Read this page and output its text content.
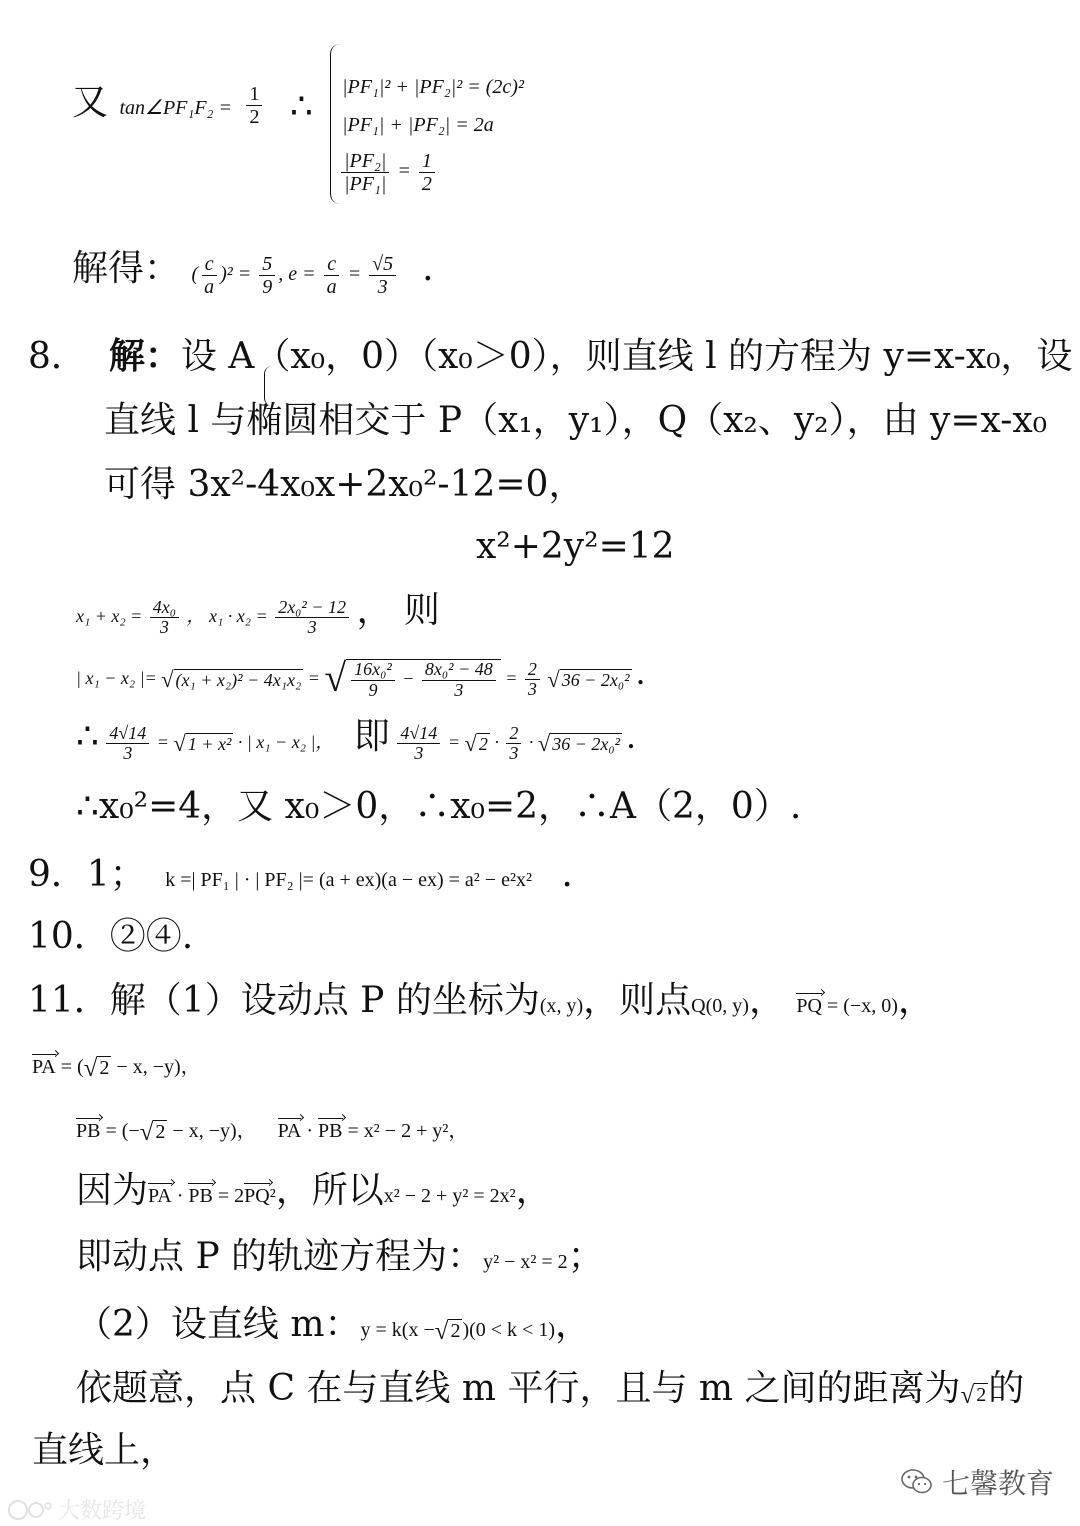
又 tan∠PF₁F₂ = $\frac{1}{2}$ ∴ |PF₁|² + |PF₂|² = (2c)²
|PF₁| + |PF₂| = 2a
$\frac{\text{|PF₂|}}{\text{|PF₁|}} = \frac{1}{2}$
解得： ( $\frac{c}{a} )^2 = \frac{5}{9}$ , $e = \frac{c}{a} = \frac{√5}{3}$ .
8． 解：设 A（x₀，0）（x₀＞0），则直线 l 的方程为 y=x-x₀，设
直线 l 与椭圆相交于 P（x₁，y₁），Q（x₂、y₂），由 y=x-x₀
可得 3x²-4x₀x+2x₀²-12=0，
x²+2y²=12
$x_1 + x_2 = \frac{\text{4x₀}}{3}$ ， $x_1 \cdot x_2 = \frac{\text{2x₀² − 12}}{3}$ ， 则
| x₁ − x₂ |= √ (x₁ + x₂)² − 4x₁x₂ = √ $\frac{\text{16x₀²}}{9} - \frac{\text{8x₀² − 48}}{3} = \frac{2}{3}$
√ 36 − 2x₀² .
∴ $\frac{4√14}{3}$ = √ 1 + x² · | x₁ − x₂ |， 即 $\frac{4√14}{3}$ = √ $2 \cdot \frac{2}{3}$ · √ 36 − 2x₀² .
∴x₀²=4，又 x₀＞0，∴x₀=2，∴A（2，0）.
9．1； k =| PF₁ | · | PF₂ |= (a + ex)(a − ex) = a² − e²x² .
10．②④.
11．解（1）设动点 P 的坐标为(x, y)，则点Q(0, y)， PQ = (−x, 0)，
PA = ( √ 2 − x, −y)，
PB = (− √ 2 − x, −y)， PA · PB = x² − 2 + y²，
因为PA · PB = 2PQ²，所以x² − 2 + y² = 2x²，
即动点 P 的轨迹方程为：y² − x² = 2；
（2）设直线 m：y = k(x − √ 2 )(0 < k < 1)，
依题意，点 C 在与直线 m 平行，且与 m 之间的距离为 √ 2 的
直线上，
七馨教育
大数跨境
